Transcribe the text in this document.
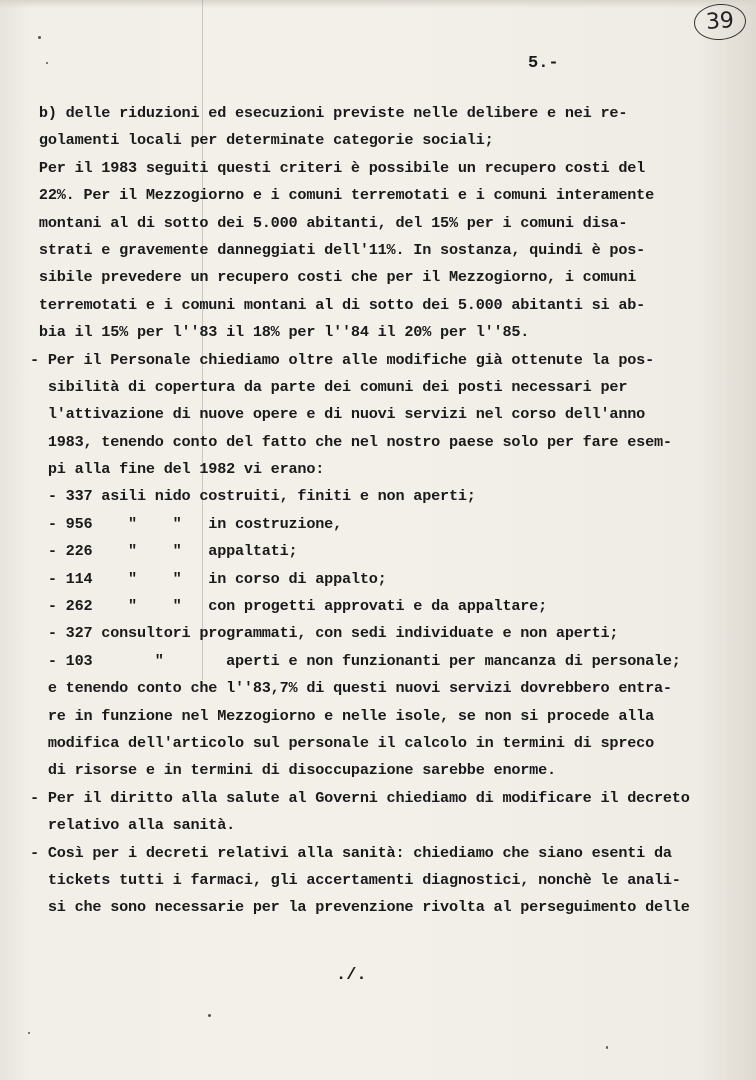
39
5.-
b) delle riduzioni ed esecuzioni previste nelle delibere e nei re-
golamenti locali per determinate categorie sociali;
Per il 1983 seguiti questi criteri è possibile un recupero costi del
22%. Per il Mezzogiorno e i comuni terremotati e i comuni interamente
montani al di sotto dei 5.000 abitanti, del 15% per i comuni disa-
strati e gravemente danneggiati dell'11%. In sostanza, quindi è pos-
sibile prevedere un recupero costi che per il Mezzogiorno, i comuni
terremotati e i comuni montani al di sotto dei 5.000 abitanti si ab-
bia il 15% per l''83 il 18% per l''84 il 20% per l''85.
- Per il Personale chiediamo oltre alle modifiche già ottenute la pos-
sibilità di copertura da parte dei comuni dei posti necessari per
l'attivazione di nuove opere e di nuovi servizi nel corso dell'anno
1983, tenendo conto del fatto che nel nostro paese solo per fare esem-
pi alla fine del 1982 vi erano:
- 337 asili nido costruiti, finiti e non aperti;
- 956    "    "   in costruzione,
- 226    "    "   appaltati;
- 114    "    "   in corso di appalto;
- 262    "    "   con progetti approvati e da appaltare;
- 327 consultori programmati, con sedi individuate e non aperti;
- 103       "       aperti e non funzionanti per mancanza di personale;
e tenendo conto che l''83,7% di questi nuovi servizi dovrebbero entra-
re in funzione nel Mezzogiorno e nelle isole, se non si procede alla
modifica dell'articolo sul personale il calcolo in termini di spreco
di risorse e in termini di disoccupazione sarebbe enorme.
- Per il diritto alla salute al Governi chiediamo di modificare il decreto
relativo alla sanità.
- Così per i decreti relativi alla sanità: chiediamo che siano esenti da
tickets tutti i farmaci, gli accertamenti diagnostici, nonchè le anali-
si che sono necessarie per la prevenzione rivolta al perseguimento delle
./.
